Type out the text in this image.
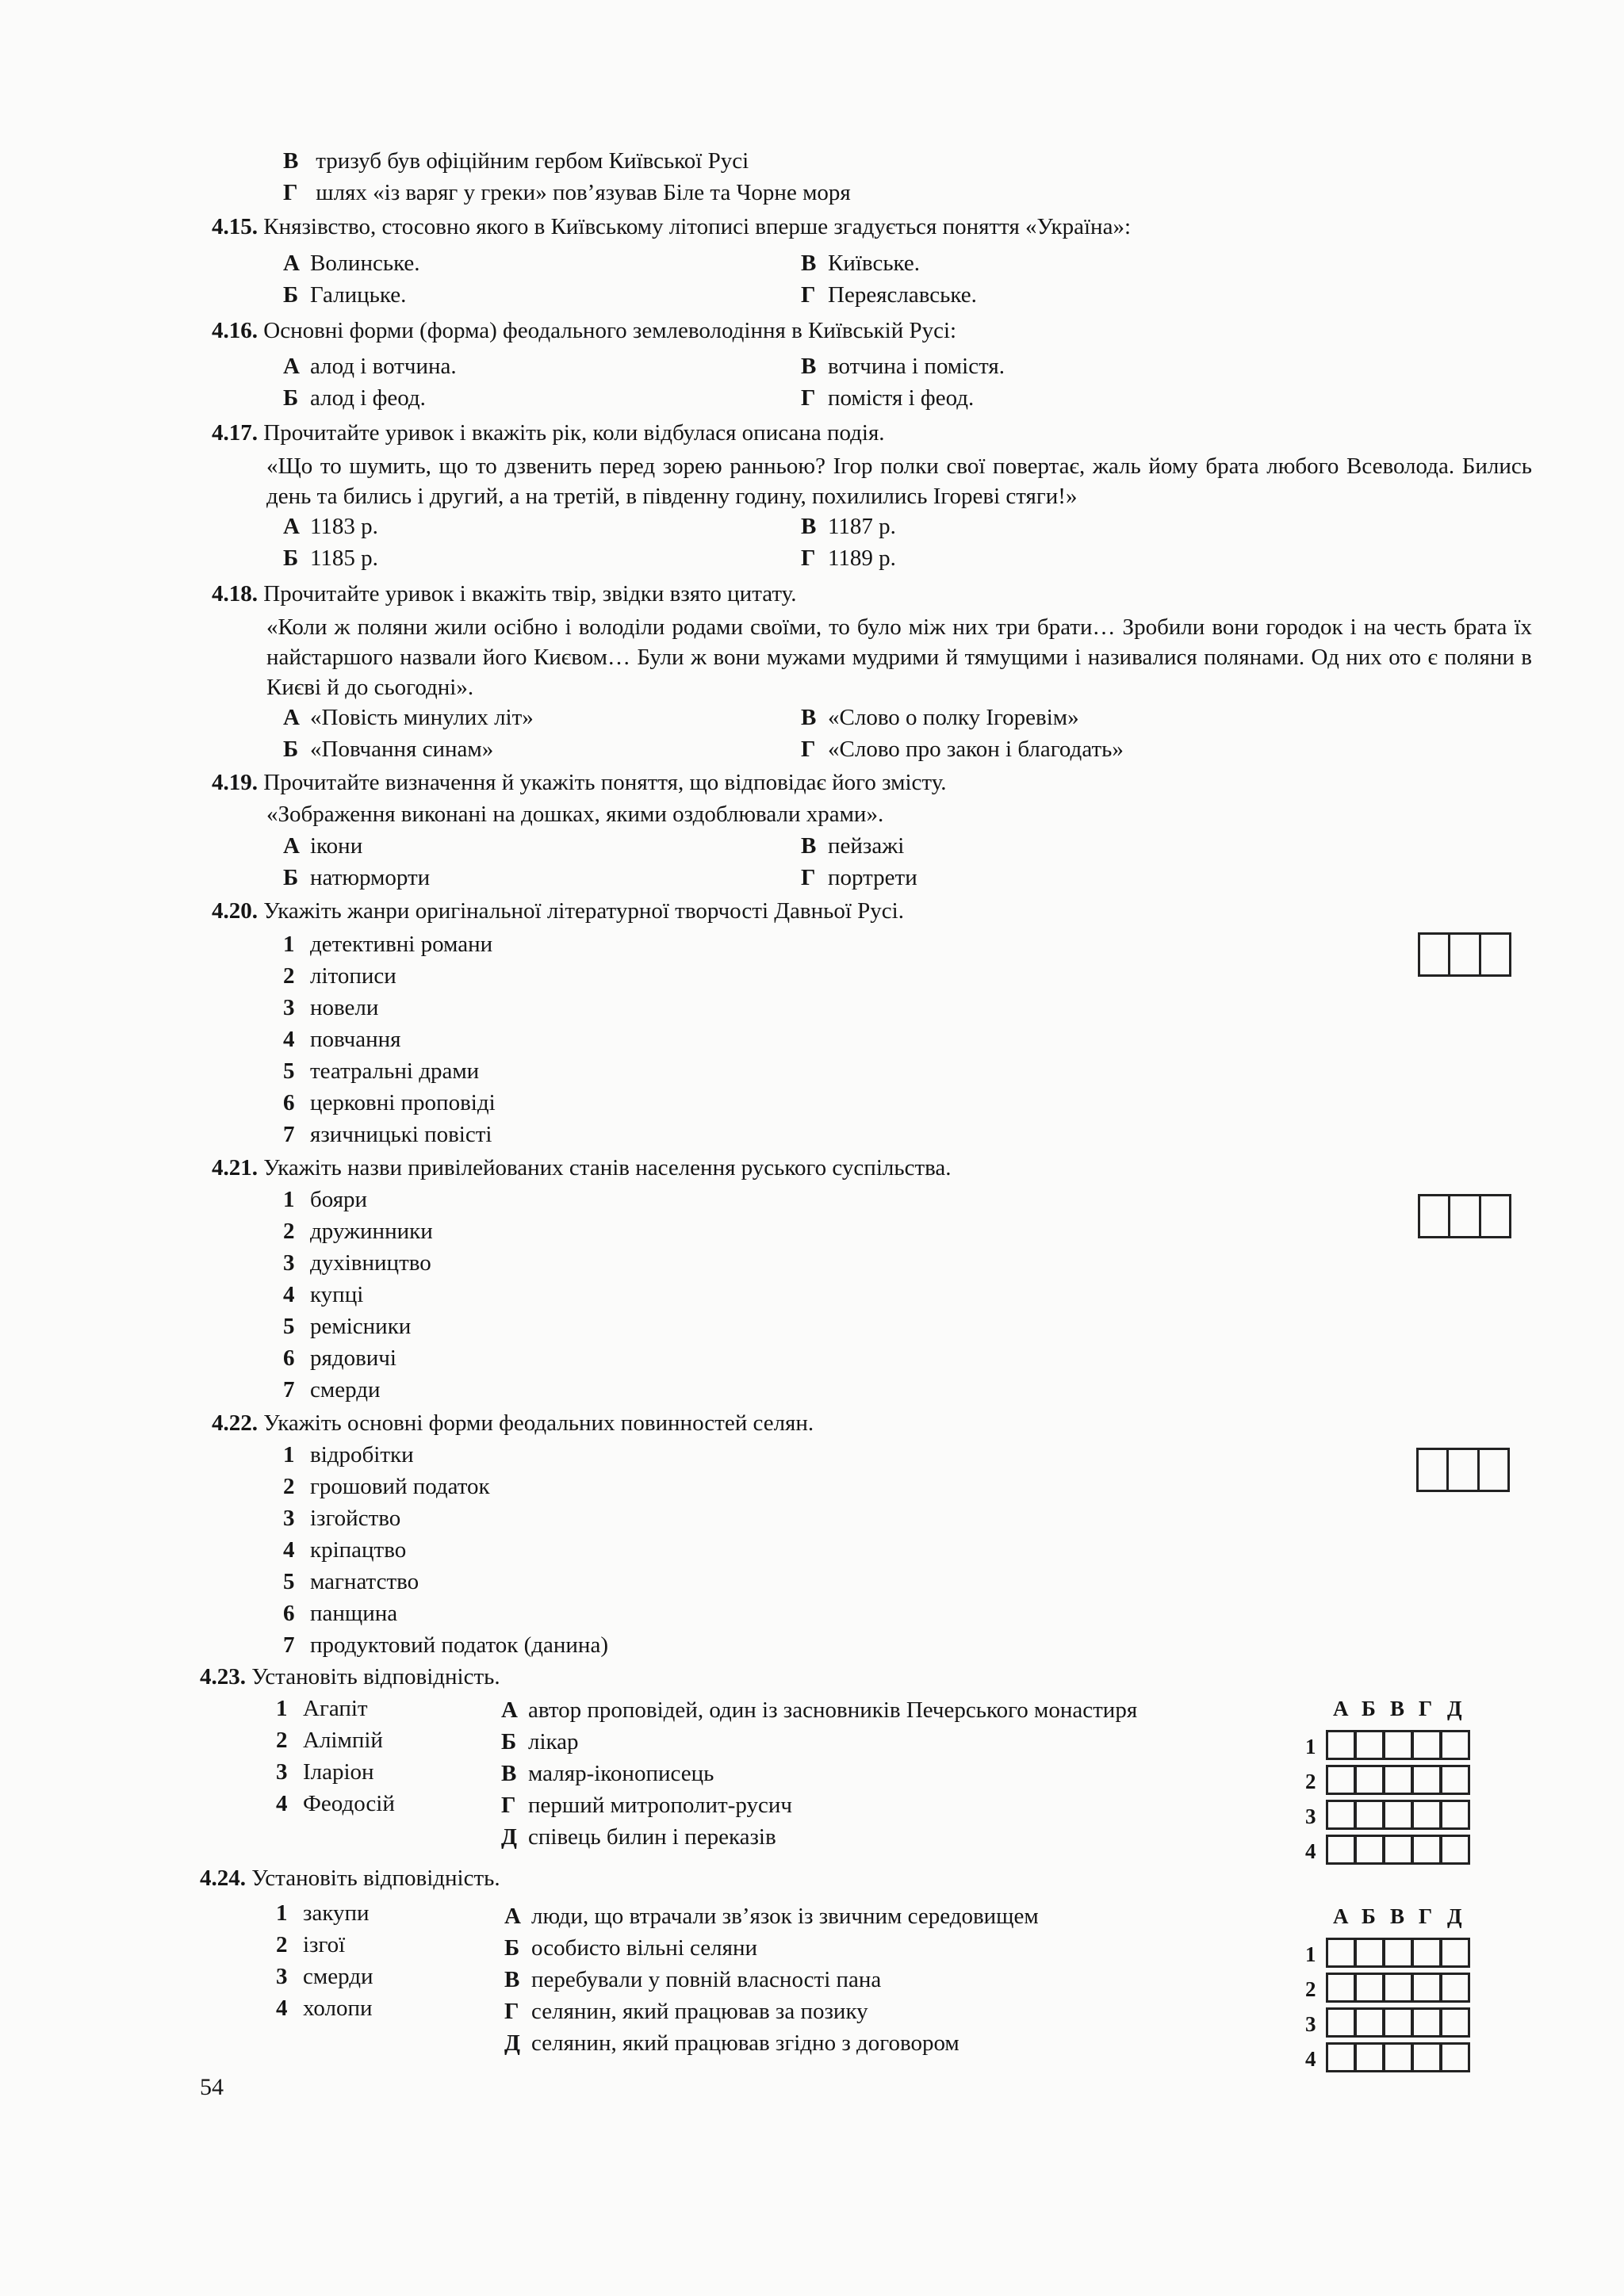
В тризуб був офіційним гербом Київської Русі
Г шлях «із варяг у греки» пов’язував Біле та Чорне моря
4.15. Князівство, стосовно якого в Київському літописі вперше згадується поняття «Україна»:
А Волинське.	В Київське.
Б Галицьке.	Г Переяславське.
4.16. Основні форми (форма) феодального землеволодіння в Київській Русі:
А алод і вотчина.	В вотчина і помістя.
Б алод і феод.	Г помістя і феод.
4.17. Прочитайте уривок і вкажіть рік, коли відбулася описана подія.
«Що то шумить, що то дзвенить перед зорею ранньою? Ігор полки свої повертає, жаль йому брата любого Всеволода. Бились день та бились і другий, а на третій, в південну годину, похилились Ігореві стяги!»
А 1183 р.	В 1187 р.
Б 1185 р.	Г 1189 р.
4.18. Прочитайте уривок і вкажіть твір, звідки взято цитату.
«Коли ж поляни жили осібно і володіли родами своїми, то було між них три брати… Зробили вони городок і на честь брата їх найстаршого назвали його Києвом… Були ж вони мужами мудрими й тямущими і називалися полянами. Од них ото є поляни в Києві й до сьогодні».
А «Повість минулих літ»	В «Слово о полку Ігоревім»
Б «Повчання синам»	Г «Слово про закон і благодать»
4.19. Прочитайте визначення й укажіть поняття, що відповідає його змісту.
«Зображення виконані на дошках, якими оздоблювали храми».
А ікони	В пейзажі
Б натюрморти	Г портрети
4.20. Укажіть жанри оригінальної літературної творчості Давньої Русі.
1 детективні романи
2 літописи
3 новели
4 повчання
5 театральні драми
6 церковні проповіді
7 язичницькі повісті
4.21. Укажіть назви привілейованих станів населення руського суспільства.
1 бояри
2 дружинники
3 духівництво
4 купці
5 ремісники
6 рядовичі
7 смерди
4.22. Укажіть основні форми феодальних повинностей селян.
1 відробітки
2 грошовий податок
3 ізгойство
4 кріпацтво
5 магнатство
6 панщина
7 продуктовий податок (данина)
4.23. Установіть відповідність.
1 Агапіт
2 Алімпій
3 Іларіон
4 Феодосій
А автор проповідей, один із засновників Печерського монастиря
Б лікар
В маляр-іконописець
Г перший митрополит-русич
Д співець билин і переказів
А Б В Г Д
1
2
3
4
4.24. Установіть відповідність.
1 закупи
2 ізгої
3 смерди
4 холопи
А люди, що втрачали зв’язок із звичним середовищем
Б особисто вільні селяни
В перебували у повній власності пана
Г селянин, який працював за позику
Д селянин, який працював згідно з договором
А Б В Г Д
1
2
3
4
54
